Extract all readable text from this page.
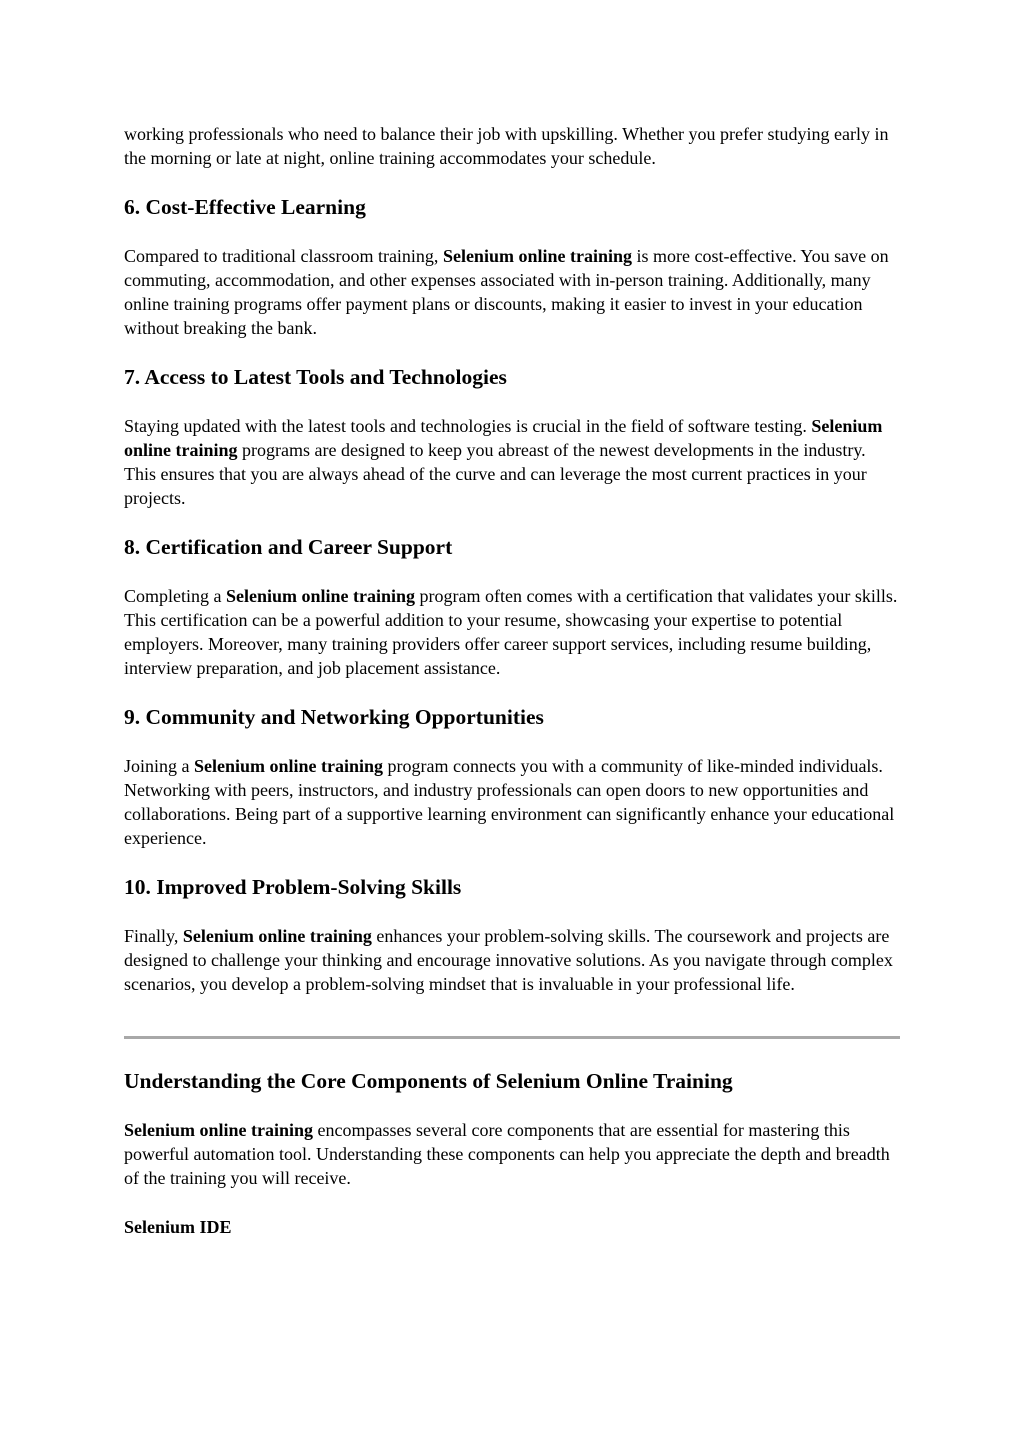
working professionals who need to balance their job with upskilling. Whether you prefer studying early in the morning or late at night, online training accommodates your schedule.

6. Cost-Effective Learning

Compared to traditional classroom training, Selenium online training is more cost-effective. You save on commuting, accommodation, and other expenses associated with in-person training. Additionally, many online training programs offer payment plans or discounts, making it easier to invest in your education without breaking the bank.

7. Access to Latest Tools and Technologies

Staying updated with the latest tools and technologies is crucial in the field of software testing. Selenium online training programs are designed to keep you abreast of the newest developments in the industry. This ensures that you are always ahead of the curve and can leverage the most current practices in your projects.

8. Certification and Career Support

Completing a Selenium online training program often comes with a certification that validates your skills. This certification can be a powerful addition to your resume, showcasing your expertise to potential employers. Moreover, many training providers offer career support services, including resume building, interview preparation, and job placement assistance.

9. Community and Networking Opportunities

Joining a Selenium online training program connects you with a community of like-minded individuals. Networking with peers, instructors, and industry professionals can open doors to new opportunities and collaborations. Being part of a supportive learning environment can significantly enhance your educational experience.

10. Improved Problem-Solving Skills

Finally, Selenium online training enhances your problem-solving skills. The coursework and projects are designed to challenge your thinking and encourage innovative solutions. As you navigate through complex scenarios, you develop a problem-solving mindset that is invaluable in your professional life.

Understanding the Core Components of Selenium Online Training

Selenium online training encompasses several core components that are essential for mastering this powerful automation tool. Understanding these components can help you appreciate the depth and breadth of the training you will receive.

Selenium IDE
